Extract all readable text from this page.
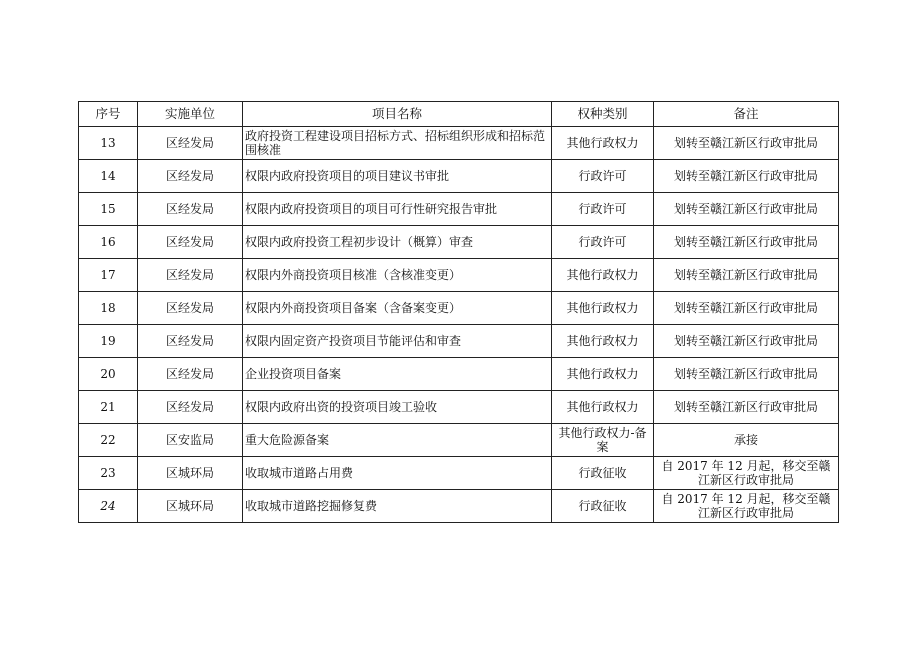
序号	实施单位	项目名称	权种类别	备注
13	区经发局	政府投资工程建设项目招标方式、招标组织形成和招标范围核准	其他行政权力	划转至赣江新区行政审批局
14	区经发局	权限内政府投资项目的项目建议书审批	行政许可	划转至赣江新区行政审批局
15	区经发局	权限内政府投资项目的项目可行性研究报告审批	行政许可	划转至赣江新区行政审批局
16	区经发局	权限内政府投资工程初步设计（概算）审查	行政许可	划转至赣江新区行政审批局
17	区经发局	权限内外商投资项目核准（含核准变更）	其他行政权力	划转至赣江新区行政审批局
18	区经发局	权限内外商投资项目备案（含备案变更）	其他行政权力	划转至赣江新区行政审批局
19	区经发局	权限内固定资产投资项目节能评估和审查	其他行政权力	划转至赣江新区行政审批局
20	区经发局	企业投资项目备案	其他行政权力	划转至赣江新区行政审批局
21	区经发局	权限内政府出资的投资项目竣工验收	其他行政权力	划转至赣江新区行政审批局
22	区安监局	重大危险源备案	其他行政权力-备案	承接
23	区城环局	收取城市道路占用费	行政征收	自 2017 年 12 月起，移交至赣江新区行政审批局
24	区城环局	收取城市道路挖掘修复费	行政征收	自 2017 年 12 月起，移交至赣江新区行政审批局
